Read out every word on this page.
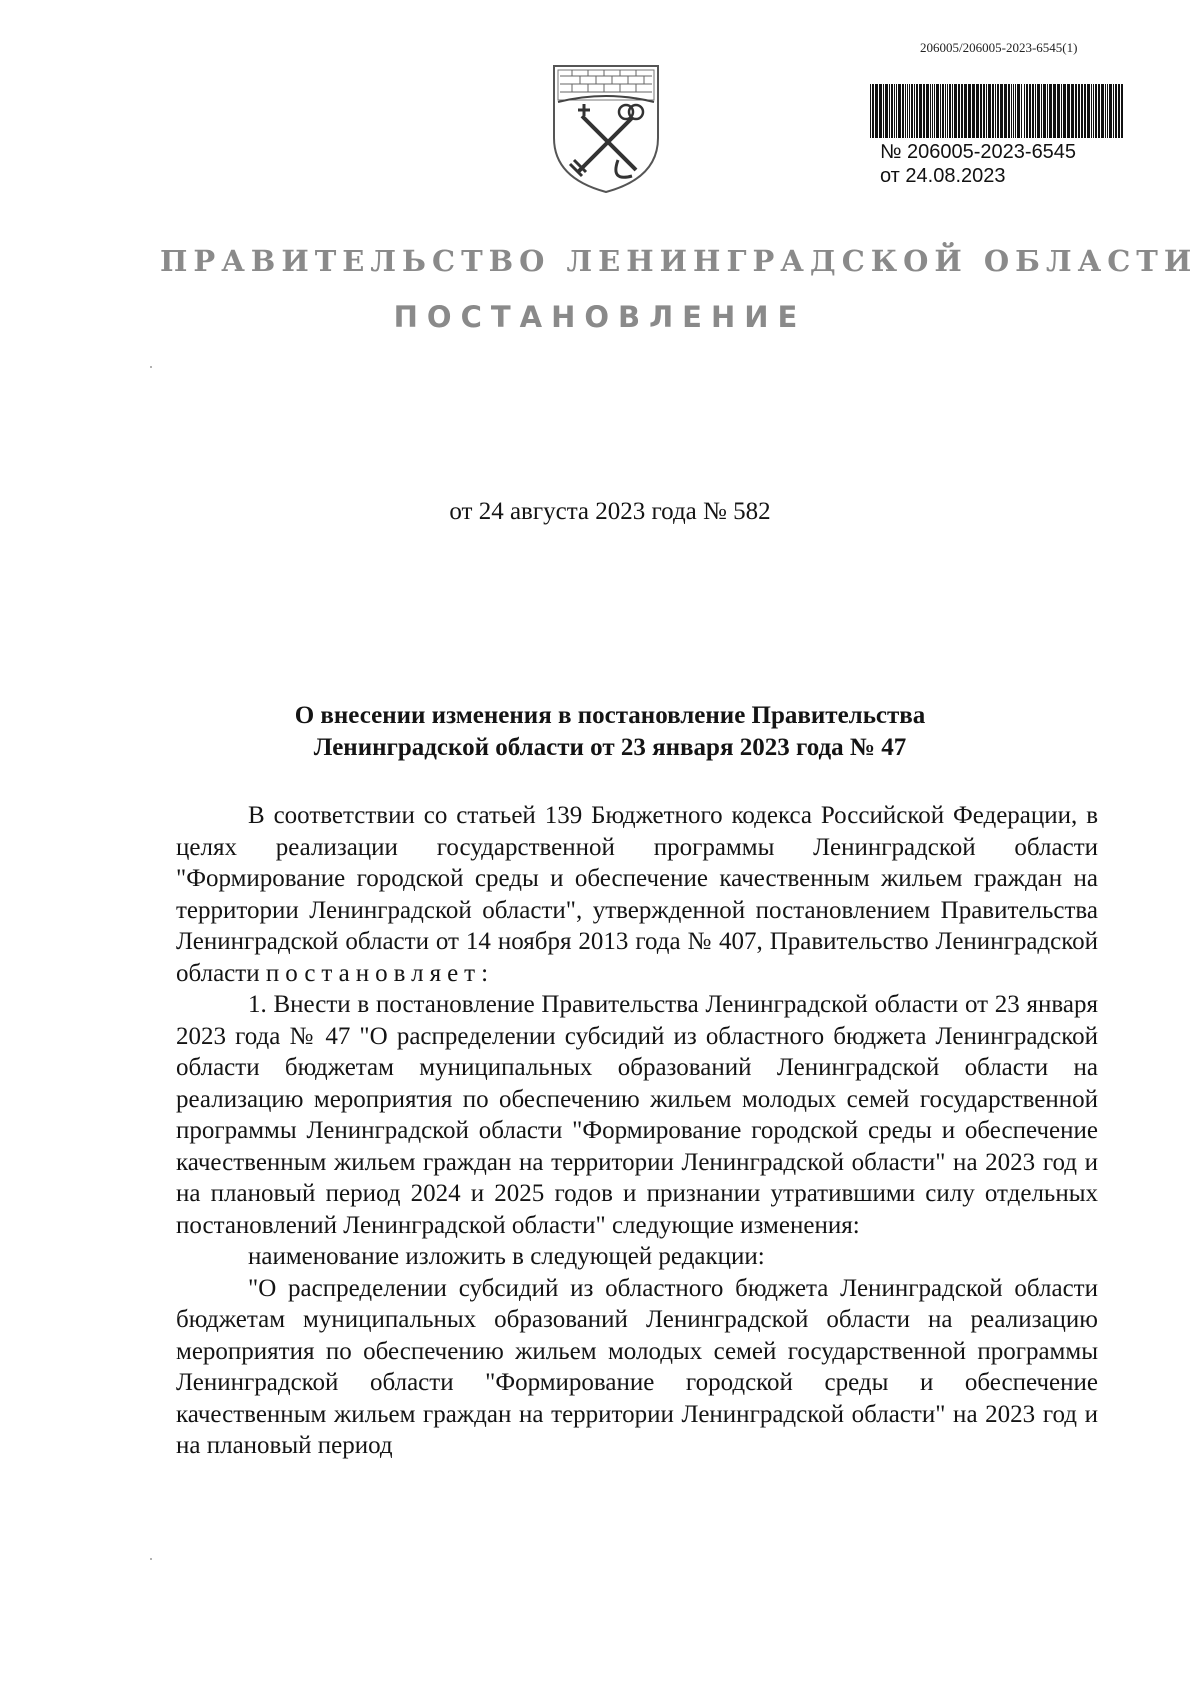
206005/206005-2023-6545(1)
№ 206005-2023-6545
от 24.08.2023
ПРАВИТЕЛЬСТВО ЛЕНИНГРАДСКОЙ ОБЛАСТИ
ПОСТАНОВЛЕНИЕ
от 24 августа 2023 года № 582
О внесении изменения в постановление Правительства
Ленинградской области от 23 января 2023 года № 47

В соответствии со статьей 139 Бюджетного кодекса Российской Федерации, в целях реализации государственной программы Ленинградской области "Формирование городской среды и обеспечение качественным жильем граждан на территории Ленинградской области", утвержденной постановлением Правительства Ленинградской области от 14 ноября 2013 года № 407, Правительство Ленинградской области постановляет:

1. Внести в постановление Правительства Ленинградской области от 23 января 2023 года № 47 "О распределении субсидий из областного бюджета Ленинградской области бюджетам муниципальных образований Ленинградской области на реализацию мероприятия по обеспечению жильем молодых семей государственной программы Ленинградской области "Формирование городской среды и обеспечение качественным жильем граждан на территории Ленинградской области" на 2023 год и на плановый период 2024 и 2025 годов и признании утратившими силу отдельных постановлений Ленинградской области" следующие изменения:

наименование изложить в следующей редакции:

"О распределении субсидий из областного бюджета Ленинградской области бюджетам муниципальных образований Ленинградской области на реализацию мероприятия по обеспечению жильем молодых семей государственной программы Ленинградской области "Формирование городской среды и обеспечение качественным жильем граждан на территории Ленинградской области" на 2023 год и на плановый период
